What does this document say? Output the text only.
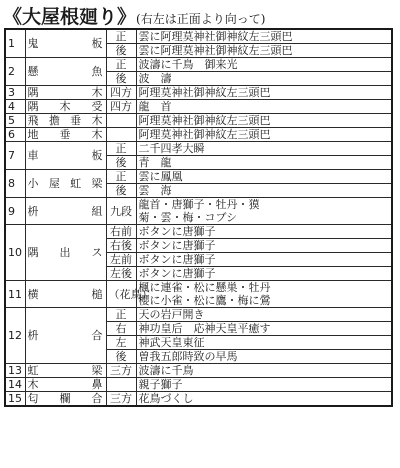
《大屋根廻り》(右左は正面より向って)
1	鬼　　板	正	雲に阿理莫神社御神紋左三頭巴
		後	雲に阿理莫神社御神紋左三頭巴
2	懸　　魚	正	波濤に千鳥　御来光
		後	波　濤
3	隅　　木	四方	阿理莫神社御神紋左三頭巴
4	隅 木 受	四方	龍　首
5	飛 擔 垂 木		阿理莫神社御神紋左三頭巴
6	地 垂 木		阿理莫神社御神紋左三頭巴
7	車　　板	正	二千四孝大瞬
		後	青　龍
8	小 屋 虹 梁	正	雲に鳳凰
		後	雲　海
9	枡　　組	九段	龍首・唐獅子・牡丹・獏
菊・雲・梅・コブシ

10	隅　出　ス	右前	ボタンに唐獅子
		右後	ボタンに唐獅子
		左前	ボタンに唐獅子
		左後	ボタンに唐獅子
11	横　　槌	（花鳥）	楓に連雀・松に懸巣・牡丹
櫻に小雀・松に鷹・梅に鶯

12	枡　　合	正	天の岩戸開き
		右	神功皇后　応神天皇平癒す
		左	神武天皇東征
		後	曽我五郎時致の早馬
13	虹　　梁	三方	波濤に千鳥
14	木　　鼻		親子獅子
15	匂　欄　合	三方	花鳥づくし
